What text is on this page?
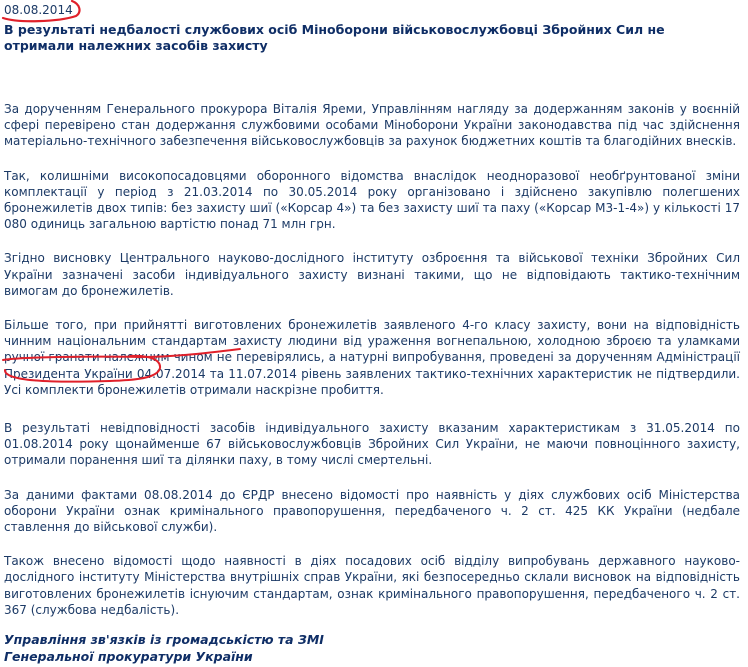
08.08.2014
В результаті недбалості службових осіб Міноборони військовослужбовці Збройних Сил не отримали належних засобів захисту

За дорученням Генерального прокурора Віталія Яреми, Управлінням нагляду за додержанням законів у воєнній сфері перевірено стан додержання службовими особами Міноборони України законодавства під час здійснення матеріально-технічного забезпечення військовослужбовців за рахунок бюджетних коштів та благодійних внесків.

Так, колишніми високопосадовцями оборонного відомства внаслідок неодноразової необґрунтованої зміни комплектації у період з 21.03.2014 по 30.05.2014 року організовано і здійснено закупівлю полегшених бронежилетів двох типів: без захисту шиї («Корсар 4») та без захисту шиї та паху («Корсар М3-1-4») у кількості 17 080 одиниць загальною вартістю понад 71 млн грн.

Згідно висновку Центрального науково-дослідного інституту озброєння та військової техніки Збройних Сил України зазначені засоби індивідуального захисту визнані такими, що не відповідають тактико-технічним вимогам до бронежилетів.

Більше того, при прийнятті виготовлених бронежилетів заявленого 4-го класу захисту, вони на відповідність чинним національним стандартам захисту людини від ураження вогнепальною, холодною зброєю та уламками ручної гранати належним чином не перевірялись, а натурні випробування, проведені за дорученням Адміністрації Президента України 04.07.2014 та 11.07.2014 рівень заявлених тактико-технічних характеристик не підтвердили. Усі комплекти бронежилетів отримали наскрізне пробиття.

В результаті невідповідності засобів індивідуального захисту вказаним характеристикам з 31.05.2014 по 01.08.2014 року щонайменше 67 військовослужбовців Збройних Сил України, не маючи повноцінного захисту, отримали поранення шиї та ділянки паху, в тому числі смертельні.

За даними фактами 08.08.2014 до ЄРДР внесено відомості про наявність у діях службових осіб Міністерства оборони України ознак кримінального правопорушення, передбаченого ч. 2 ст. 425 КК України (недбале ставлення до військової служби).

Також внесено відомості щодо наявності в діях посадових осіб відділу випробувань державного науково-дослідного інституту Міністерства внутрішніх справ України, які безпосередньо склали висновок на відповідність виготовлених бронежилетів існуючим стандартам, ознак кримінального правопорушення, передбаченого ч. 2 ст. 367 (службова недбалість).

Управління зв'язків із громадськістю та ЗМІ
Генеральної прокуратури України
